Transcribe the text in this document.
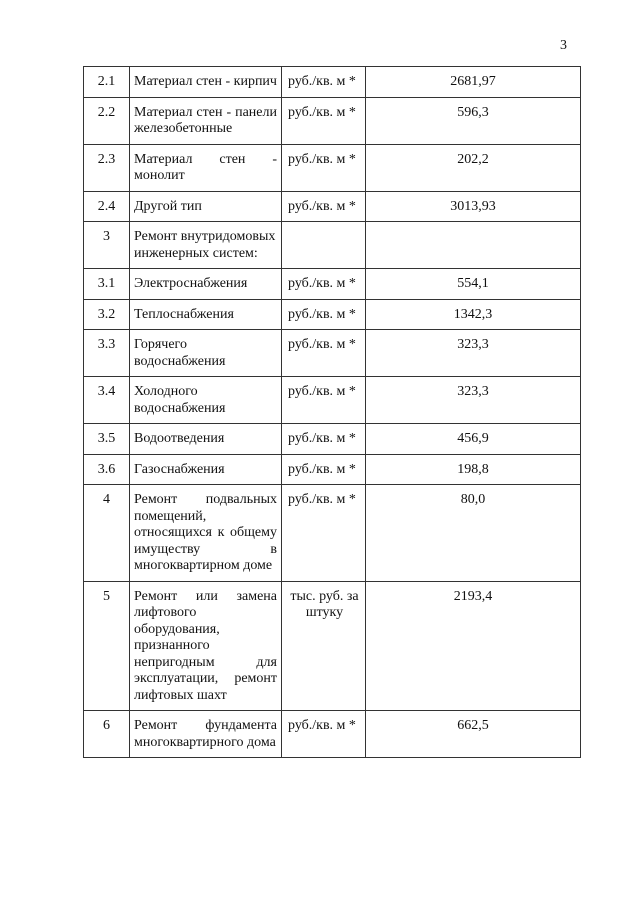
3
2.1	Материал стен - кирпич	руб./кв. м *	2681,97
2.2	Материал стен - панели железобетонные	руб./кв. м *	596,3
2.3	Материал стен - монолит	руб./кв. м *	202,2
2.4	Другой тип	руб./кв. м *	3013,93
3	Ремонт внутридомовых инженерных систем:		
3.1	Электроснабжения	руб./кв. м *	554,1
3.2	Теплоснабжения	руб./кв. м *	1342,3
3.3	Горячего водоснабжения	руб./кв. м *	323,3
3.4	Холодного водоснабжения	руб./кв. м *	323,3
3.5	Водоотведения	руб./кв. м *	456,9
3.6	Газоснабжения	руб./кв. м *	198,8
4	Ремонт подвальных помещений, относящихся к общему имуществу в многоквартирном доме	руб./кв. м *	80,0
5	Ремонт или замена лифтового оборудования, признанного непригодным для эксплуатации, ремонт лифтовых шахт	тыс. руб. за штуку	2193,4
6	Ремонт фундамента многоквартирного дома	руб./кв. м *	662,5
